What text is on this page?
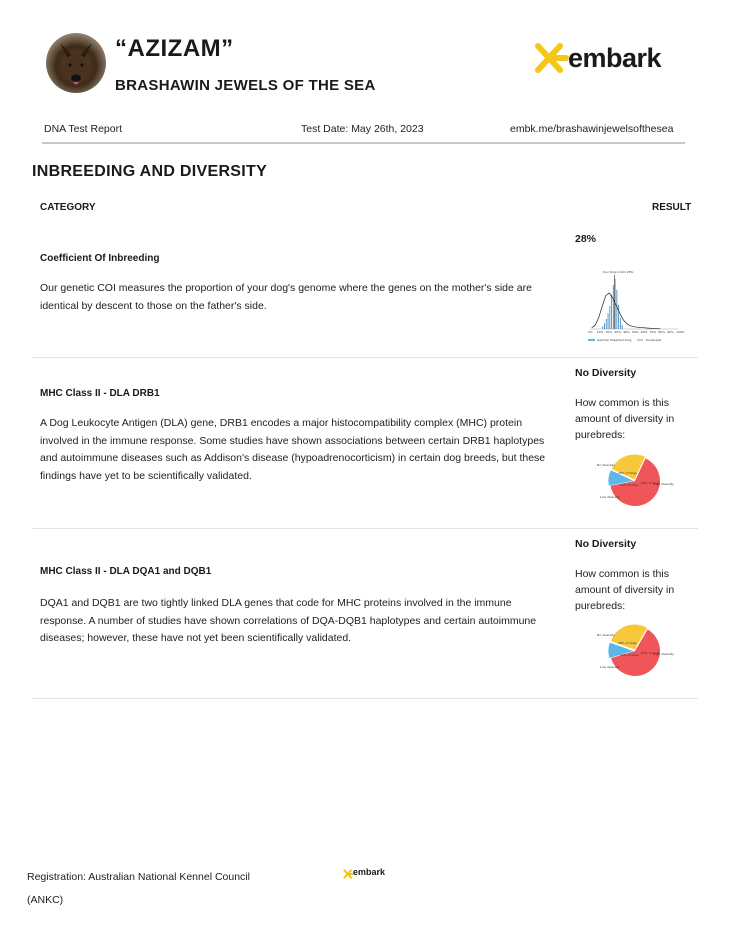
“AZIZAM”
BRASHAWIN JEWELS OF THE SEA
embark
DNA Test Report	Test Date: May 26th, 2023	embk.me/brashawinjewelsofthesea
INBREEDING AND DIVERSITY
CATEGORY	RESULT
Coefficient Of Inbreeding
Our genetic COI measures the proportion of your dog's genome where the genes on the mother's side are identical by descent to those on the father's side.
28%
Your Dog's COI: 28%
0% 10% 20% 30% 40% 50% 60% 70% 80% 90% 100%
German Shepherd Dog	Purebreds
MHC Class II - DLA DRB1
A Dog Leukocyte Antigen (DLA) gene, DRB1 encodes a major histocompatibility complex (MHC) protein involved in the immune response. Some studies have shown associations between certain DRB1 haplotypes and autoimmune diseases such as Addison's disease (hypoadrenocorticism) in certain dog breeds, but these findings have yet to be scientifically validated.
No Diversity
How common is this amount of diversity in purebreds:
25% of dogs
No diversity
65% of dogs
High diversity
10% of dogs
Low diversity
MHC Class II - DLA DQA1 and DQB1
DQA1 and DQB1 are two tightly linked DLA genes that code for MHC proteins involved in the immune response. A number of studies have shown correlations of DQA-DQB1 haplotypes and certain autoimmune diseases; however, these have not yet been scientifically validated.
No Diversity
How common is this amount of diversity in purebreds:
28% of dogs
No diversity
62% of dogs
High diversity
10% of dogs
Low diversity
Registration: Australian National Kennel Council (ANKC)
embark
